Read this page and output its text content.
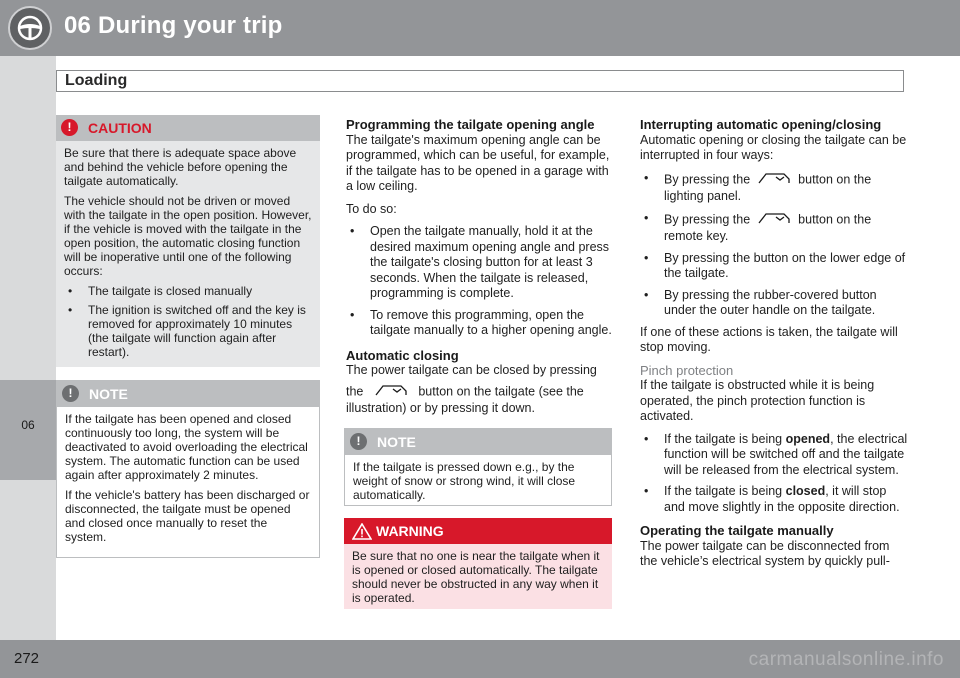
06 During your trip
Loading
06
!	CAUTION

Be sure that there is adequate space above and behind the vehicle before opening the tailgate automatically.

The vehicle should not be driven or moved with the tailgate in the open position. However, if the vehicle is moved with the tailgate in the open position, the automatic closing function will be inoperative until one of the following occurs:

• The tailgate is closed manually
• The ignition is switched off and the key is removed for approximately 10 minutes (the tailgate will function again after restart).
!	NOTE

If the tailgate has been opened and closed continuously too long, the system will be deactivated to avoid overloading the electrical system. The automatic function can be used again after approximately 2 minutes.

If the vehicle's battery has been discharged or disconnected, the tailgate must be opened and closed once manually to reset the system.

Programming the tailgate opening angle

The tailgate's maximum opening angle can be programmed, which can be useful, for example, if the tailgate has to be opened in a garage with a low ceiling.

To do so:

• Open the tailgate manually, hold it at the desired maximum opening angle and press the tailgate's closing button for at least 3 seconds. When the tailgate is released, programming is complete.
• To remove this programming, open the tailgate manually to a higher opening angle.
Automatic closing

The power tailgate can be closed by pressing

the	button on the tailgate (see the illustration) or by pressing it down.

!	NOTE

If the tailgate is pressed down e.g., by the weight of snow or strong wind, it will close automatically.

WARNING

Be sure that no one is near the tailgate when it is opened or closed automatically. The tailgate should never be obstructed in any way when it is operated.

Interrupting automatic opening/closing

Automatic opening or closing the tailgate can be interrupted in four ways:

• By pressing the	button on the
lighting panel.
• By pressing the	button on the
remote key.
• By pressing the button on the lower edge of the tailgate.
• By pressing the rubber-covered button under the outer handle on the tailgate.

If one of these actions is taken, the tailgate will stop moving.

Pinch protection

If the tailgate is obstructed while it is being operated, the pinch protection function is activated.

• If the tailgate is being opened, the electrical function will be switched off and the tailgate will be released from the electrical system.
• If the tailgate is being closed, it will stop and move slightly in the opposite direction.
Operating the tailgate manually

The power tailgate can be disconnected from the vehicle’s electrical system by quickly pull-

272	carmanualsonline.info
